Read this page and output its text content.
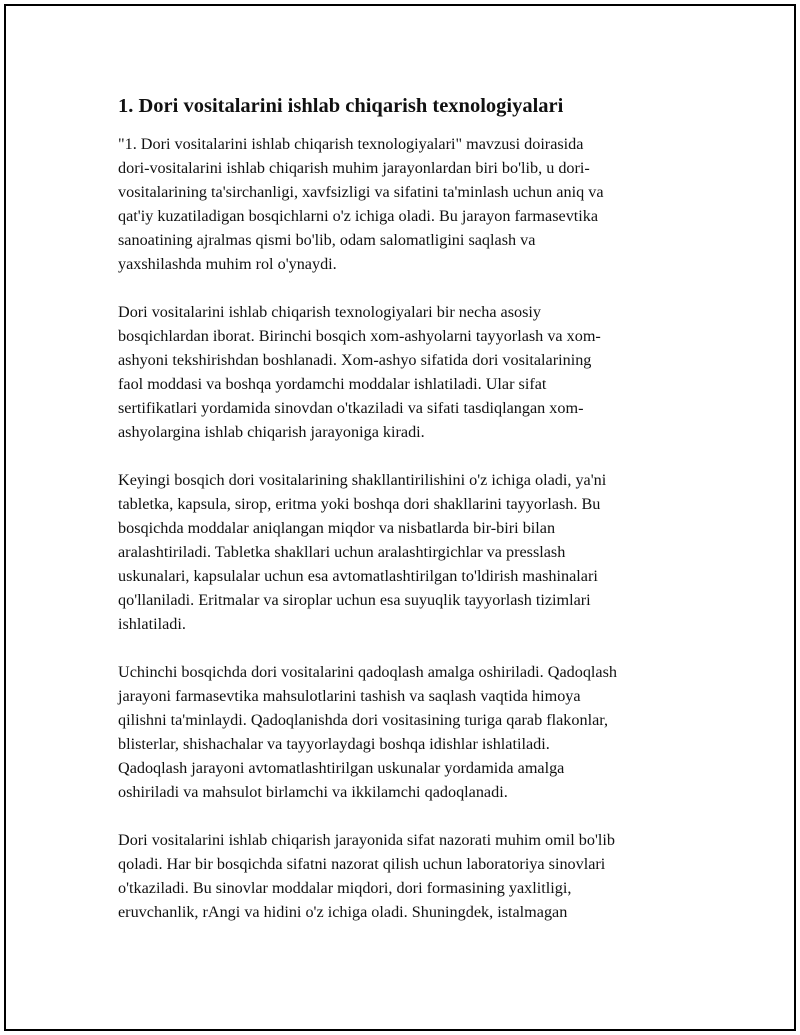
1. Dori vositalarini ishlab chiqarish texnologiyalari

"1. Dori vositalarini ishlab chiqarish texnologiyalari" mavzusi doirasida
dori-vositalarini ishlab chiqarish muhim jarayonlardan biri bo'lib, u dori-
vositalarining ta'sirchanligi, xavfsizligi va sifatini ta'minlash uchun aniq va
qat'iy kuzatiladigan bosqichlarni o'z ichiga oladi. Bu jarayon farmasevtika
sanoatining ajralmas qismi bo'lib, odam salomatligini saqlash va
yaxshilashda muhim rol o'ynaydi.

Dori vositalarini ishlab chiqarish texnologiyalari bir necha asosiy
bosqichlardan iborat. Birinchi bosqich xom-ashyolarni tayyorlash va xom-
ashyoni tekshirishdan boshlanadi. Xom-ashyo sifatida dori vositalarining
faol moddasi va boshqa yordamchi moddalar ishlatiladi. Ular sifat
sertifikatlari yordamida sinovdan o'tkaziladi va sifati tasdiqlangan xom-
ashyolargina ishlab chiqarish jarayoniga kiradi.

Keyingi bosqich dori vositalarining shakllantirilishini o'z ichiga oladi, ya'ni
tabletka, kapsula, sirop, eritma yoki boshqa dori shakllarini tayyorlash. Bu
bosqichda moddalar aniqlangan miqdor va nisbatlarda bir-biri bilan
aralashtiriladi. Tabletka shakllari uchun aralashtirgichlar va presslash
uskunalari, kapsulalar uchun esa avtomatlashtirilgan to'ldirish mashinalari
qo'llaniladi. Eritmalar va siroplar uchun esa suyuqlik tayyorlash tizimlari
ishlatiladi.

Uchinchi bosqichda dori vositalarini qadoqlash amalga oshiriladi. Qadoqlash
jarayoni farmasevtika mahsulotlarini tashish va saqlash vaqtida himoya
qilishni ta'minlaydi. Qadoqlanishda dori vositasining turiga qarab flakonlar,
blisterlar, shishachalar va tayyorlaydagi boshqa idishlar ishlatiladi.
Qadoqlash jarayoni avtomatlashtirilgan uskunalar yordamida amalga
oshiriladi va mahsulot birlamchi va ikkilamchi qadoqlanadi.

Dori vositalarini ishlab chiqarish jarayonida sifat nazorati muhim omil bo'lib
qoladi. Har bir bosqichda sifatni nazorat qilish uchun laboratoriya sinovlari
o'tkaziladi. Bu sinovlar moddalar miqdori, dori formasining yaxlitligi,
eruvchanlik, rAngi va hidini o'z ichiga oladi. Shuningdek, istalmagan
